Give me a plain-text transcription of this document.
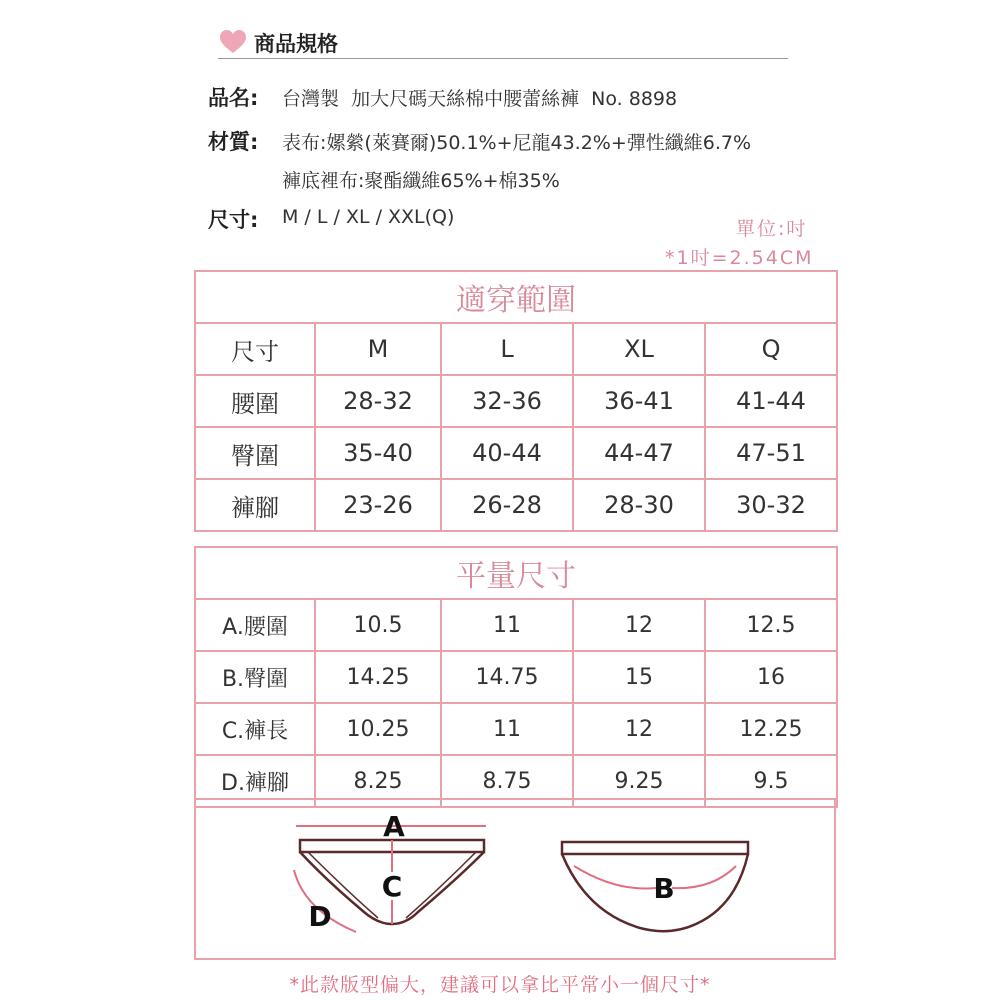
商品規格
品名: 台灣製  加大尺碼天絲棉中腰蕾絲褲  No. 8898
材質: 表布:嫘縈(萊賽爾)50.1%+尼龍43.2%+彈性纖維6.7%
褲底裡布:聚酯纖維65%+棉35%
尺寸: M / L / XL / XXL(Q)
單位:吋
*1吋=2.54CM
適穿範圍				
尺寸	M	L	XL	Q
腰圍	28-32	32-36	36-41	41-44
臀圍	35-40	40-44	44-47	47-51
褲腳	23-26	26-28	28-30	30-32
平量尺寸				
A.腰圍	10.5	11	12	12.5
B.臀圍	14.25	14.75	15	16
C.褲長	10.25	11	12	12.25
D.褲腳	8.25	8.75	9.25	9.5
A
C
D
B
*此款版型偏大，建議可以拿比平常小一個尺寸*
